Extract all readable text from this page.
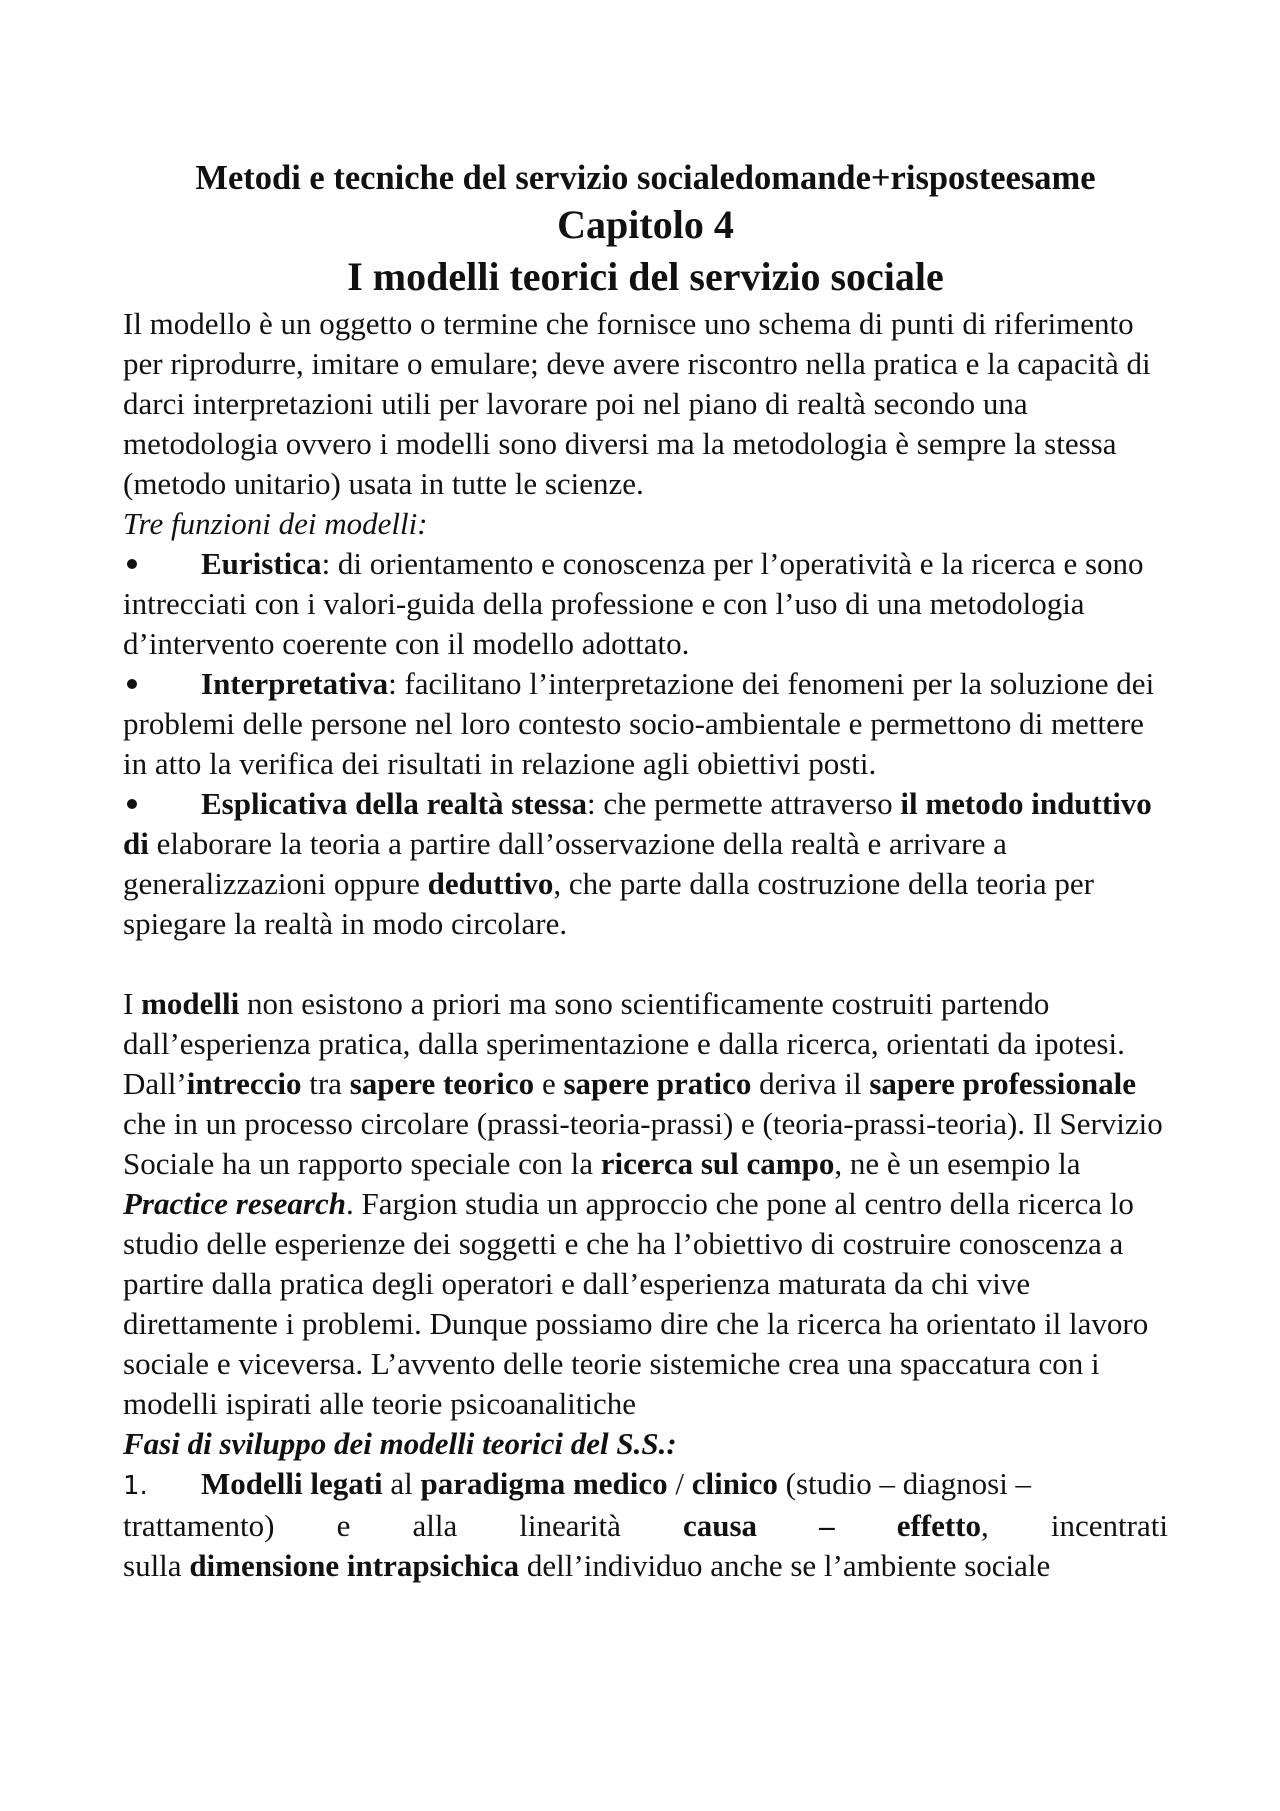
Metodi e tecniche del servizio socialedomande+risposteesame
Capitolo 4
I modelli teorici del servizio sociale

Il modello è un oggetto o termine che fornisce uno schema di punti di riferimento per riprodurre, imitare o emulare; deve avere riscontro nella pratica e la capacità di darci interpretazioni utili per lavorare poi nel piano di realtà secondo una metodologia ovvero i modelli sono diversi ma la metodologia è sempre la stessa (metodo unitario) usata in tutte le scienze.

Tre funzioni dei modelli:

Euristica: di orientamento e conoscenza per l’operatività e la ricerca e sono intrecciati con i valori-guida della professione e con l’uso di una metodologia d’intervento coerente con il modello adottato.

Interpretativa: facilitano l’interpretazione dei fenomeni per la soluzione dei problemi delle persone nel loro contesto socio-ambientale e permettono di mettere in atto la verifica dei risultati in relazione agli obiettivi posti.

Esplicativa della realtà stessa: che permette attraverso il metodo induttivo di elaborare la teoria a partire dall’osservazione della realtà e arrivare a generalizzazioni oppure deduttivo, che parte dalla costruzione della teoria per spiegare la realtà in modo circolare.

I modelli non esistono a priori ma sono scientificamente costruiti partendo dall’esperienza pratica, dalla sperimentazione e dalla ricerca, orientati da ipotesi. Dall’intreccio tra sapere teorico e sapere pratico deriva il sapere professionale che in un processo circolare (prassi-teoria-prassi) e (teoria-prassi-teoria). Il Servizio Sociale ha un rapporto speciale con la ricerca sul campo, ne è un esempio la Practice research. Fargion studia un approccio che pone al centro della ricerca lo studio delle esperienze dei soggetti e che ha l’obiettivo di costruire conoscenza a partire dalla pratica degli operatori e dall’esperienza maturata da chi vive direttamente i problemi. Dunque possiamo dire che la ricerca ha orientato il lavoro sociale e viceversa. L’avvento delle teorie sistemiche crea una spaccatura con i modelli ispirati alle teorie psicoanalitiche

Fasi di sviluppo dei modelli teorici del S.S.:

1. Modelli legati al paradigma medico / clinico (studio – diagnosi –

trattamento) e alla linearità causa – effetto, incentrati

sulla dimensione intrapsichica dell’individuo anche se l’ambiente sociale
